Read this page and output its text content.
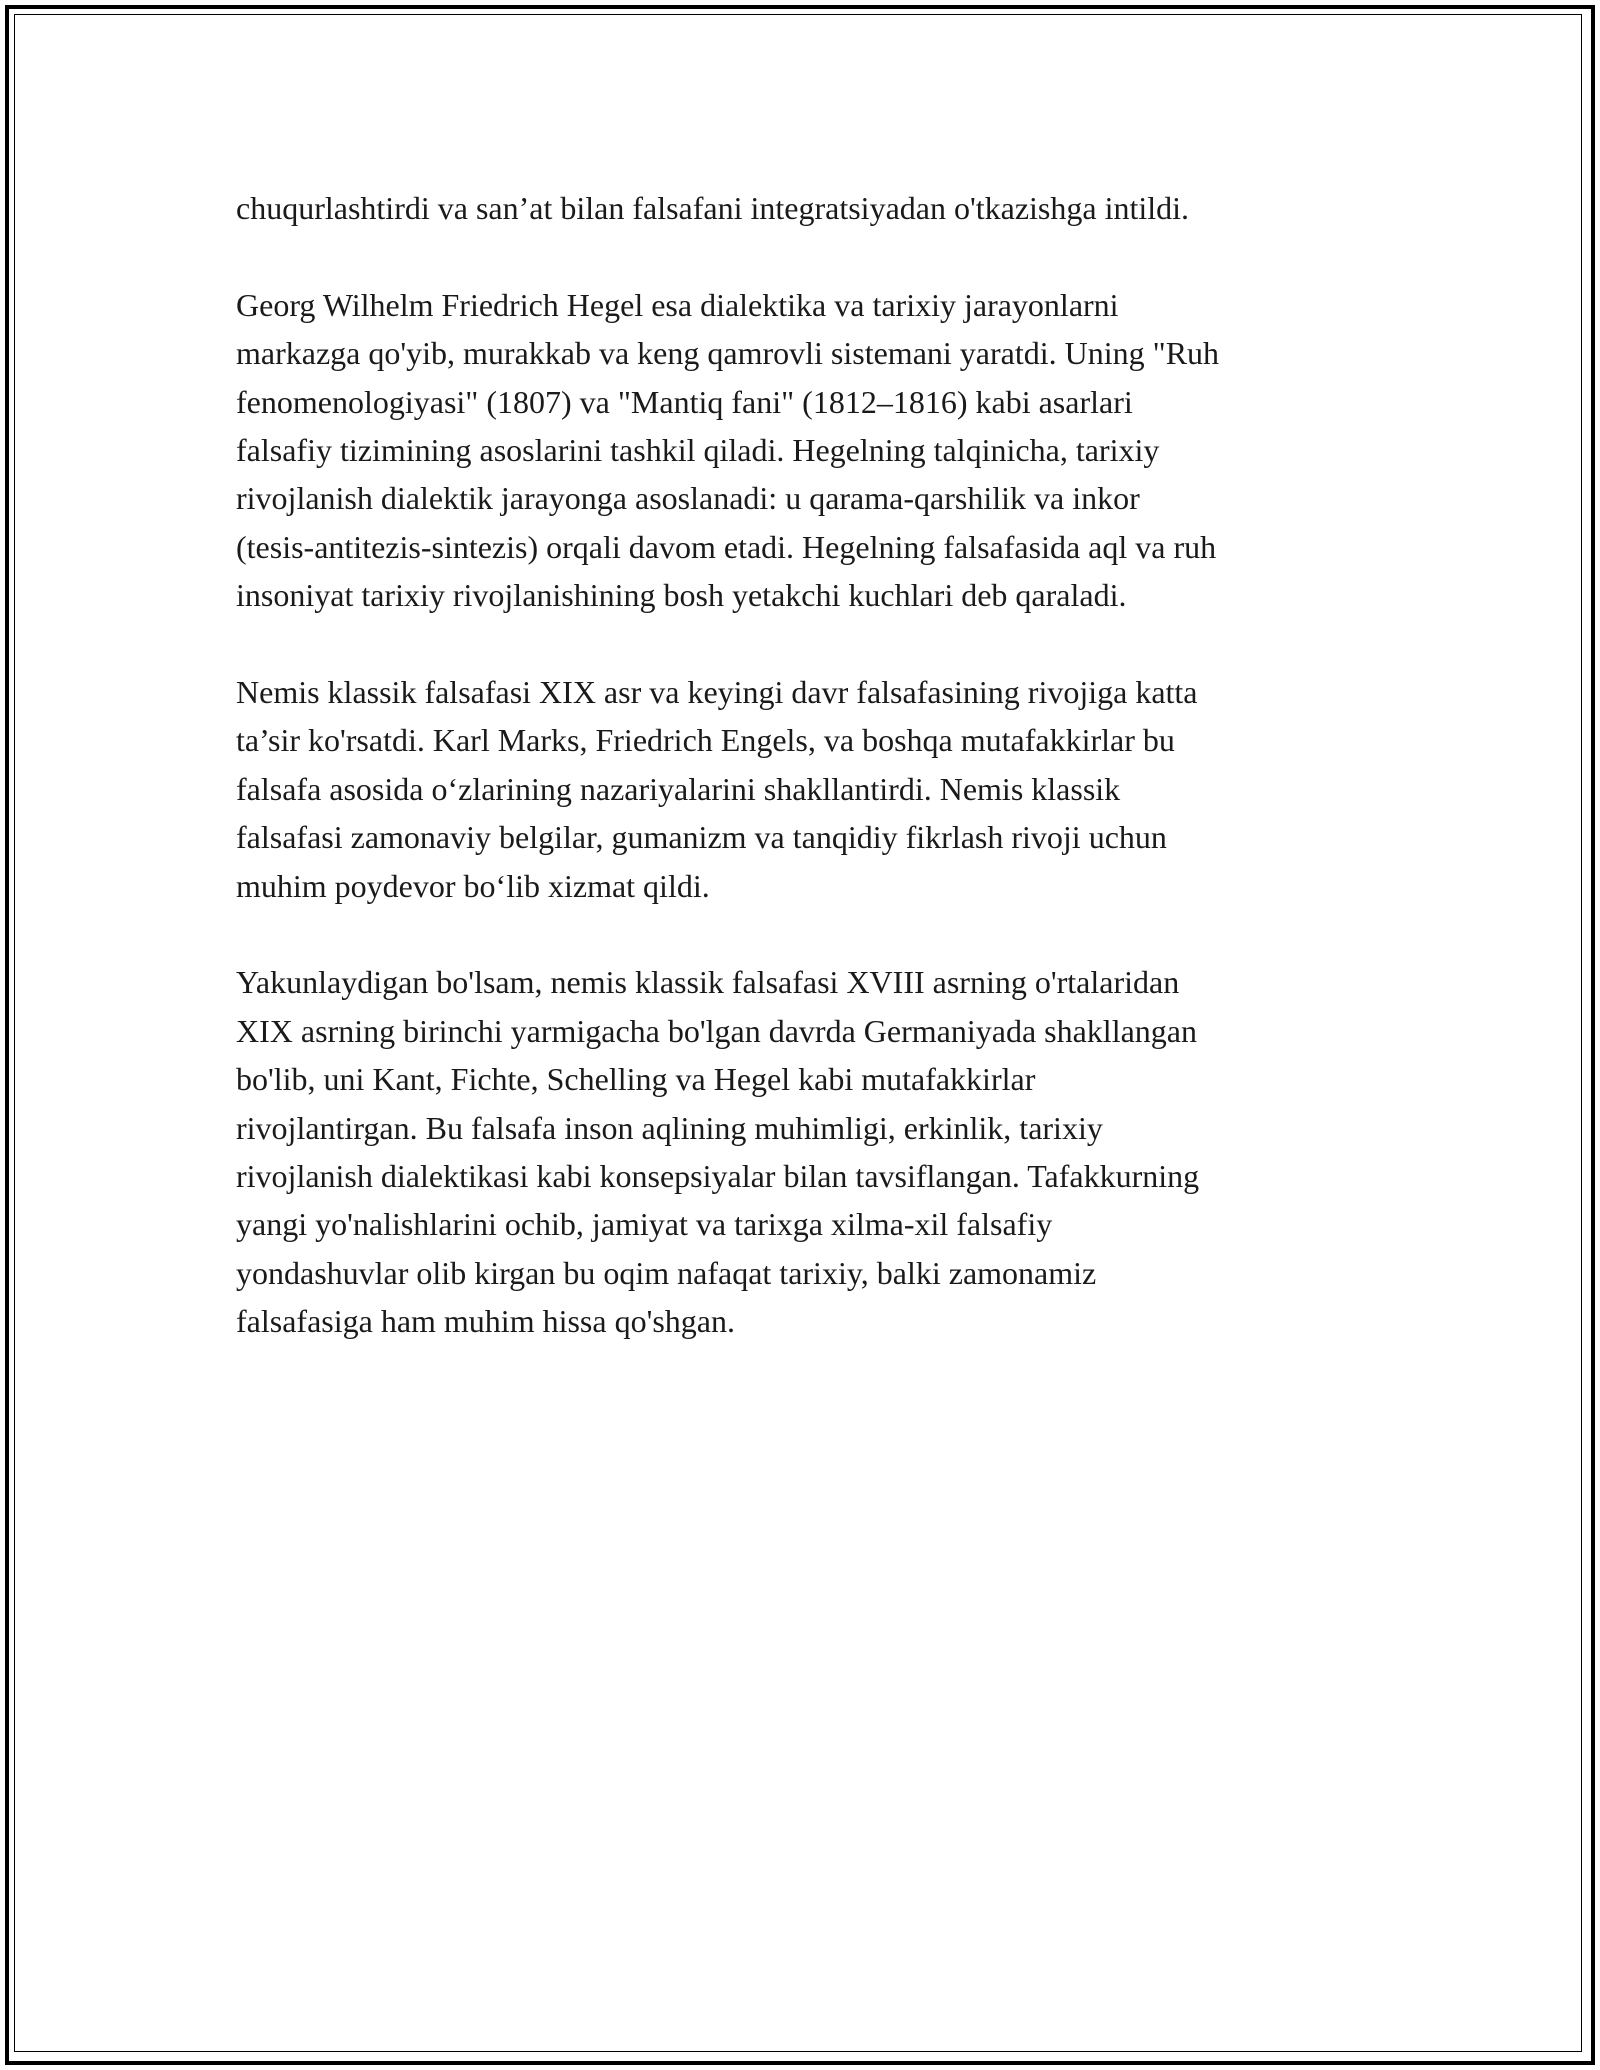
chuqurlashtirdi va san’at bilan falsafani integratsiyadan o'tkazishga intildi.

Georg Wilhelm Friedrich Hegel esa dialektika va tarixiy jarayonlarni
markazga qo'yib, murakkab va keng qamrovli sistemani yaratdi. Uning "Ruh
fenomenologiyasi" (1807) va "Mantiq fani" (1812–1816) kabi asarlari
falsafiy tizimining asoslarini tashkil qiladi. Hegelning talqinicha, tarixiy
rivojlanish dialektik jarayonga asoslanadi: u qarama-qarshilik va inkor
(tesis-antitezis-sintezis) orqali davom etadi. Hegelning falsafasida aql va ruh
insoniyat tarixiy rivojlanishining bosh yetakchi kuchlari deb qaraladi.

Nemis klassik falsafasi XIX asr va keyingi davr falsafasining rivojiga katta
ta’sir ko'rsatdi. Karl Marks, Friedrich Engels, va boshqa mutafakkirlar bu
falsafa asosida o‘zlarining nazariyalarini shakllantirdi. Nemis klassik
falsafasi zamonaviy belgilar, gumanizm va tanqidiy fikrlash rivoji uchun
muhim poydevor bo‘lib xizmat qildi.

Yakunlaydigan bo'lsam, nemis klassik falsafasi XVIII asrning o'rtalaridan
XIX asrning birinchi yarmigacha bo'lgan davrda Germaniyada shakllangan
bo'lib, uni Kant, Fichte, Schelling va Hegel kabi mutafakkirlar
rivojlantirgan. Bu falsafa inson aqlining muhimligi, erkinlik, tarixiy
rivojlanish dialektikasi kabi konsepsiyalar bilan tavsiflangan. Tafakkurning
yangi yo'nalishlarini ochib, jamiyat va tarixga xilma-xil falsafiy
yondashuvlar olib kirgan bu oqim nafaqat tarixiy, balki zamonamiz
falsafasiga ham muhim hissa qo'shgan.
